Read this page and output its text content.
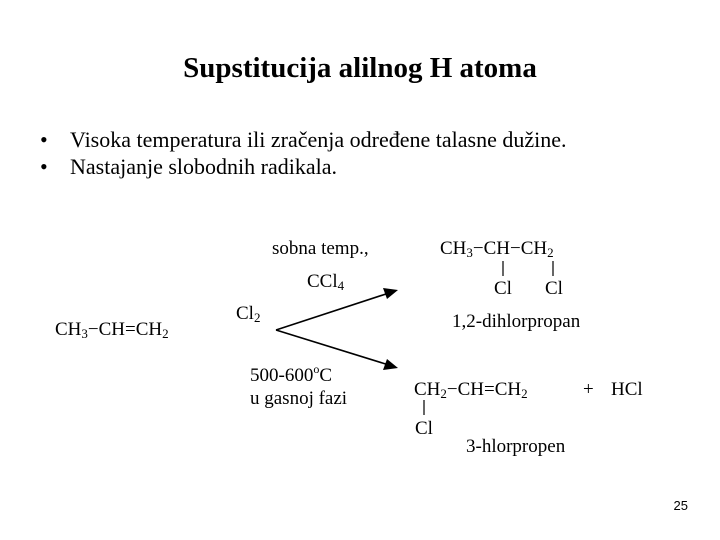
Supstitucija alilnog H atoma
• Visoka temperatura ili zračenja određene talasne dužine.
• Nastajanje slobodnih radikala.
$CH_3-CH=CH_2$
$Cl_2$
sobna temp.,
CCl$_4$
500-600$^o$C
u gasnoj fazi
$CH_3-CH-CH_2$
Cl Cl
1,2-dihlorpropan
$CH_2-CH=CH_2$	+ HCl
Cl
3-hlorpropen
25
